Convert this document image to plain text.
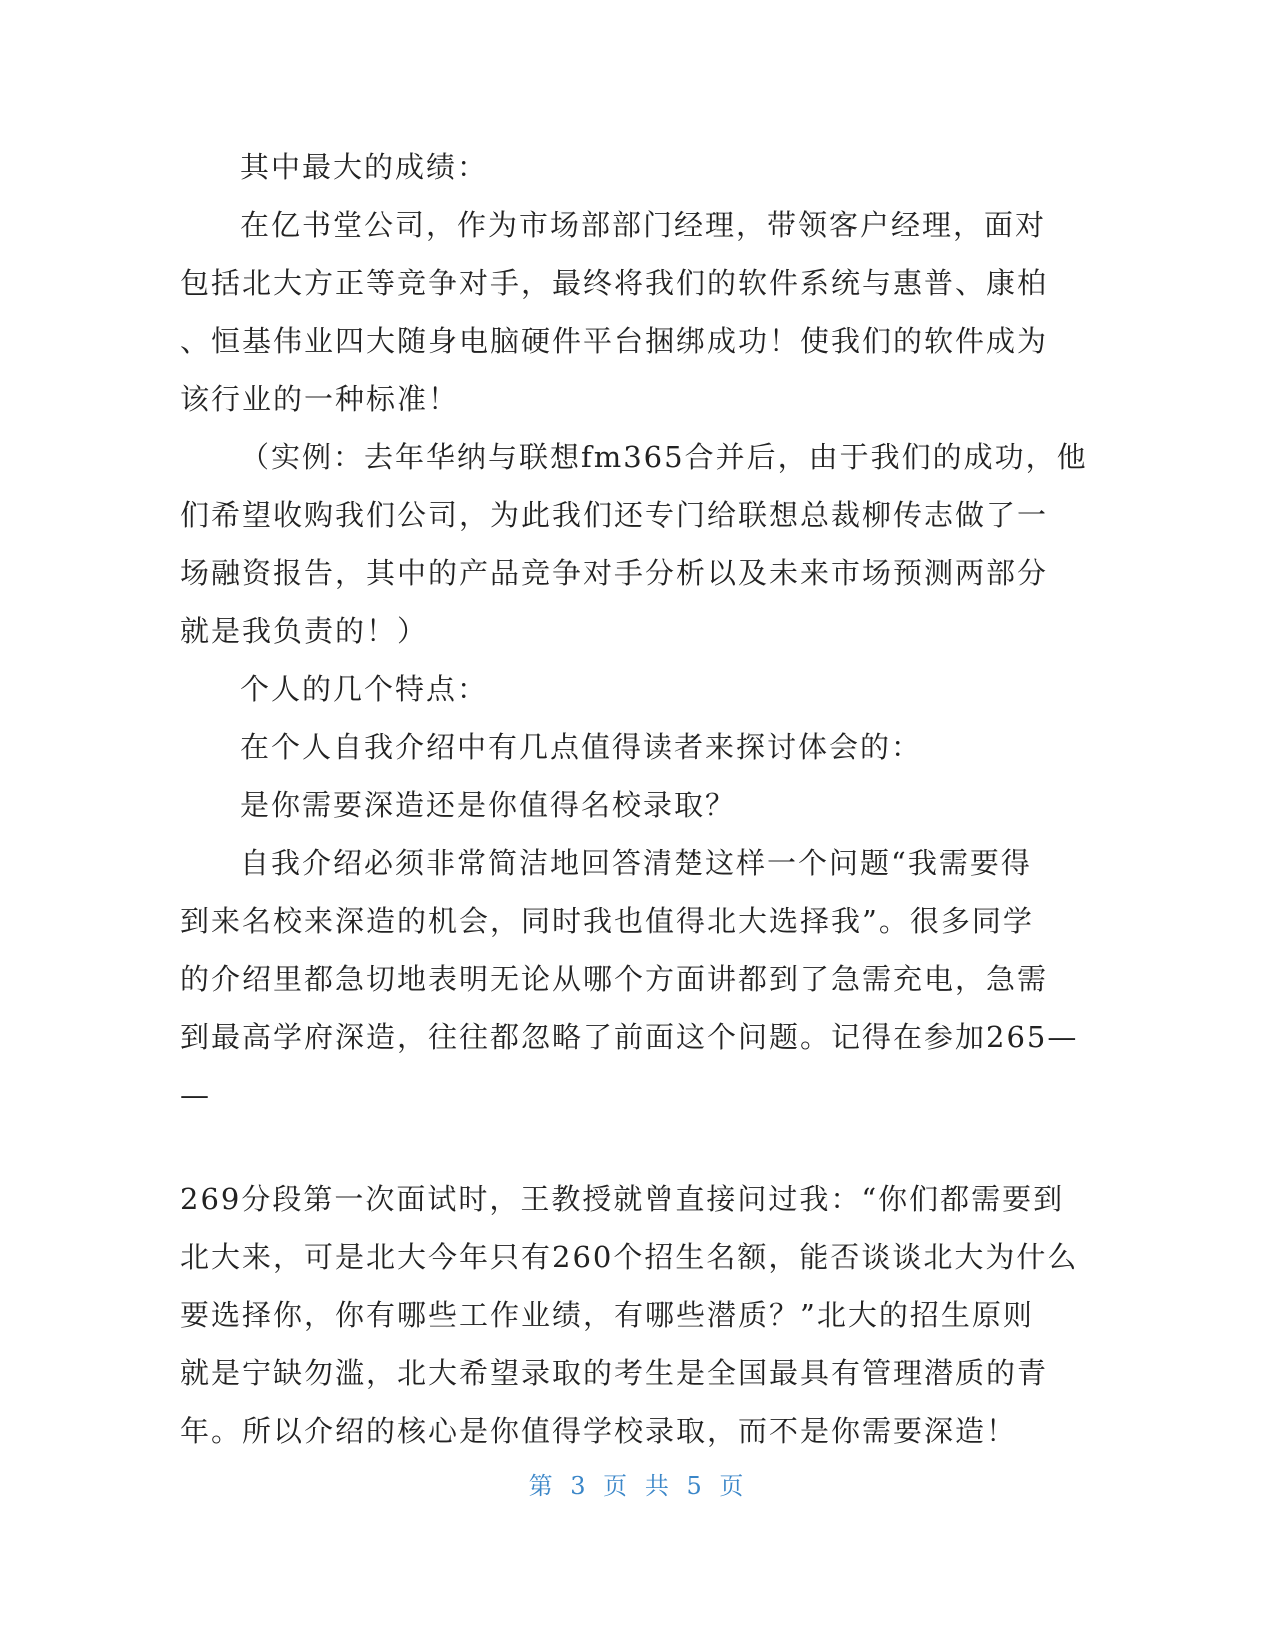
其中最大的成绩：
在亿书堂公司，作为市场部部门经理，带领客户经理，面对
包括北大方正等竞争对手，最终将我们的软件系统与惠普、康柏
、恒基伟业四大随身电脑硬件平台捆绑成功！使我们的软件成为
该行业的一种标准！
（实例：去年华纳与联想fm365合并后，由于我们的成功，他
们希望收购我们公司，为此我们还专门给联想总裁柳传志做了一
场融资报告，其中的产品竞争对手分析以及未来市场预测两部分
就是我负责的！）
个人的几个特点：
在个人自我介绍中有几点值得读者来探讨体会的：
是你需要深造还是你值得名校录取？
自我介绍必须非常简洁地回答清楚这样一个问题“我需要得
到来名校来深造的机会，同时我也值得北大选择我”。很多同学
的介绍里都急切地表明无论从哪个方面讲都到了急需充电，急需
到最高学府深造，往往都忽略了前面这个问题。记得在参加265—
—
269分段第一次面试时，王教授就曾直接问过我：“你们都需要到
北大来，可是北大今年只有260个招生名额，能否谈谈北大为什么
要选择你，你有哪些工作业绩，有哪些潜质？”北大的招生原则
就是宁缺勿滥，北大希望录取的考生是全国最具有管理潜质的青
年。所以介绍的核心是你值得学校录取，而不是你需要深造！
第 3 页 共 5 页
